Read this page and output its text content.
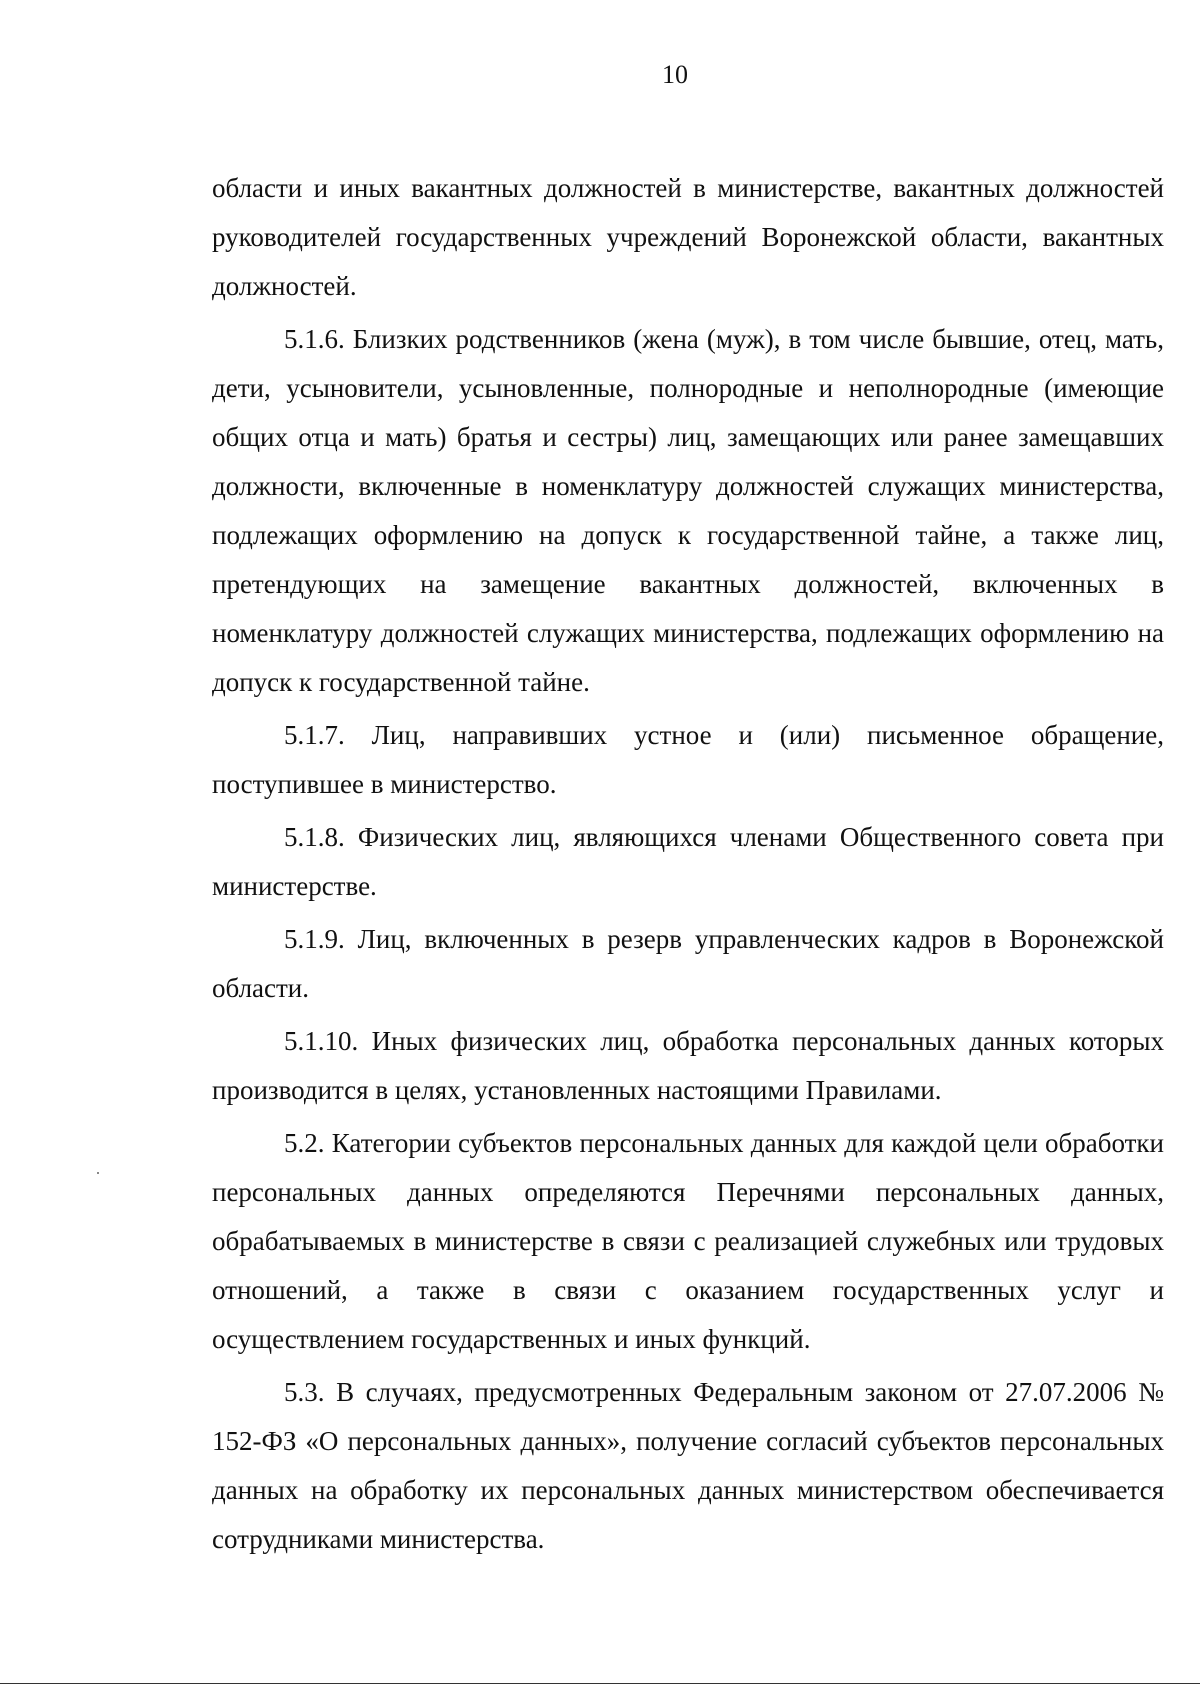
10

области и иных вакантных должностей в министерстве, вакантных должностей руководителей государственных учреждений Воронежской области, вакантных должностей.

5.1.6. Близких родственников (жена (муж), в том числе бывшие, отец, мать, дети, усыновители, усыновленные, полнородные и неполнородные (имеющие общих отца и мать) братья и сестры) лиц, замещающих или ранее замещавших должности, включенные в номенклатуру должностей служащих министерства, подлежащих оформлению на допуск к государственной тайне, а также лиц, претендующих на замещение вакантных должностей, включенных в номенклатуру должностей служащих министерства, подлежащих оформлению на допуск к государственной тайне.

5.1.7. Лиц, направивших устное и (или) письменное обращение, поступившее в министерство.

5.1.8. Физических лиц, являющихся членами Общественного совета при министерстве.

5.1.9. Лиц, включенных в резерв управленческих кадров в Воронежской области.

5.1.10. Иных физических лиц, обработка персональных данных которых производится в целях, установленных настоящими Правилами.

5.2. Категории субъектов персональных данных для каждой цели обработки персональных данных определяются Перечнями персональных данных, обрабатываемых в министерстве в связи с реализацией служебных или трудовых отношений, а также в связи с оказанием государственных услуг и осуществлением государственных и иных функций.

5.3. В случаях, предусмотренных Федеральным законом от 27.07.2006 № 152-ФЗ «О персональных данных», получение согласий субъектов персональных данных на обработку их персональных данных министерством обеспечивается сотрудниками министерства.
